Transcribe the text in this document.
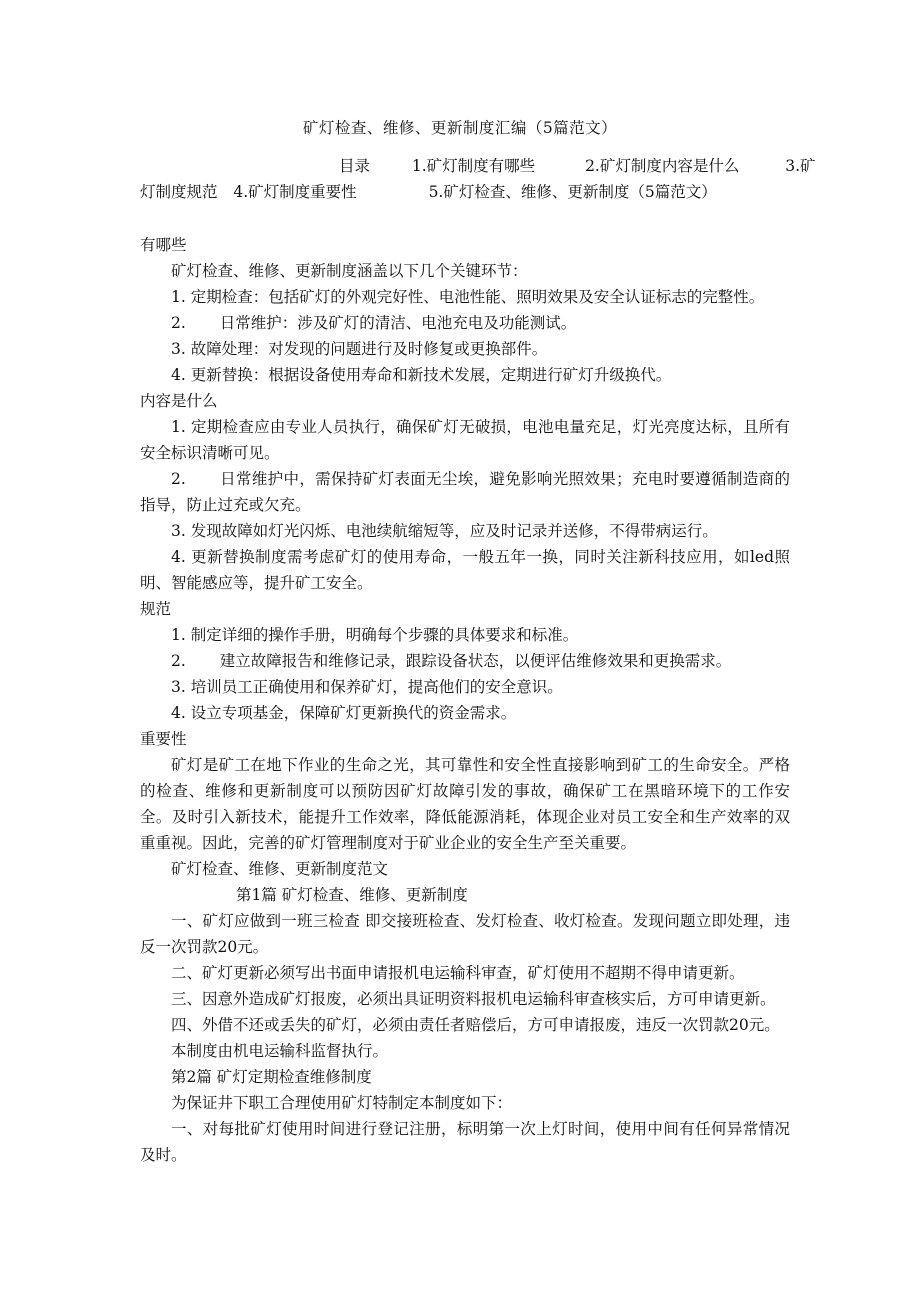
矿灯检查、维修、更新制度汇编（5篇范文）
目录	1.矿灯制度有哪些	2.矿灯制度内容是什么	3.矿
灯制度规范 4.矿灯制度重要性	5.矿灯检查、维修、更新制度（5篇范文）

有哪些

矿灯检查、维修、更新制度涵盖以下几个关键环节：

1. 定期检查：包括矿灯的外观完好性、电池性能、照明效果及安全认证标志的完整性。

2. 日常维护：涉及矿灯的清洁、电池充电及功能测试。

3. 故障处理：对发现的问题进行及时修复或更换部件。

4. 更新替换：根据设备使用寿命和新技术发展，定期进行矿灯升级换代。

内容是什么

1. 定期检查应由专业人员执行，确保矿灯无破损，电池电量充足，灯光亮度达标，且所有安全标识清晰可见。

2. 日常维护中，需保持矿灯表面无尘埃，避免影响光照效果；充电时要遵循制造商的指导，防止过充或欠充。

3. 发现故障如灯光闪烁、电池续航缩短等，应及时记录并送修，不得带病运行。

4. 更新替换制度需考虑矿灯的使用寿命，一般五年一换，同时关注新科技应用，如led照明、智能感应等，提升矿工安全。

规范

1. 制定详细的操作手册，明确每个步骤的具体要求和标准。

2. 建立故障报告和维修记录，跟踪设备状态，以便评估维修效果和更换需求。

3. 培训员工正确使用和保养矿灯，提高他们的安全意识。

4. 设立专项基金，保障矿灯更新换代的资金需求。

重要性

矿灯是矿工在地下作业的生命之光，其可靠性和安全性直接影响到矿工的生命安全。严格的检查、维修和更新制度可以预防因矿灯故障引发的事故，确保矿工在黑暗环境下的工作安全。及时引入新技术，能提升工作效率，降低能源消耗，体现企业对员工安全和生产效率的双重重视。因此，完善的矿灯管理制度对于矿业企业的安全生产至关重要。

矿灯检查、维修、更新制度范文

第1篇 矿灯检查、维修、更新制度

一、矿灯应做到一班三检查 即交接班检查、发灯检查、收灯检查。发现问题立即处理，违反一次罚款20元。

二、矿灯更新必须写出书面申请报机电运输科审查，矿灯使用不超期不得申请更新。

三、因意外造成矿灯报废，必须出具证明资料报机电运输科审查核实后，方可申请更新。

四、外借不还或丢失的矿灯，必须由责任者赔偿后，方可申请报废，违反一次罚款20元。

本制度由机电运输科监督执行。

第2篇 矿灯定期检查维修制度

为保证井下职工合理使用矿灯特制定本制度如下：

一、对每批矿灯使用时间进行登记注册，标明第一次上灯时间，使用中间有任何异常情况及时。
